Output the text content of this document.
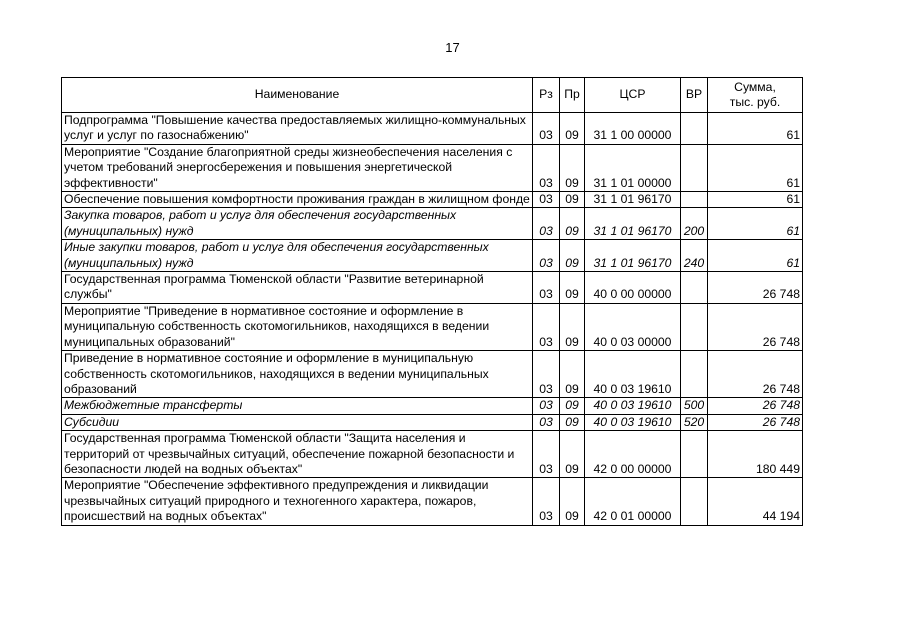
17
Наименование	Рз	Пр	ЦСР	ВР	Сумма,
тыс. руб.

Подпрограмма "Повышение качества предоставляемых жилищно-коммунальных услуг и услуг по газоснабжению"	03	09	31 1 00 00000		61
Мероприятие "Создание благоприятной среды жизнеобеспечения населения с учетом требований энергосбережения и повышения энергетической эффективности"	03	09	31 1 01 00000		61
Обеспечение повышения комфортности проживания граждан в жилищном фонде	03	09	31 1 01 96170		61
Закупка товаров, работ и услуг для обеспечения государственных (муниципальных) нужд	03	09	31 1 01 96170	200	61
Иные закупки товаров, работ и услуг для обеспечения государственных (муниципальных) нужд	03	09	31 1 01 96170	240	61
Государственная программа Тюменской области "Развитие ветеринарной службы"	03	09	40 0 00 00000		26 748
Мероприятие "Приведение в нормативное состояние и оформление в муниципальную собственность скотомогильников, находящихся в ведении муниципальных образований"	03	09	40 0 03 00000		26 748
Приведение в нормативное состояние и оформление в муниципальную собственность скотомогильников, находящихся в ведении муниципальных образований	03	09	40 0 03 19610		26 748
Межбюджетные трансферты	03	09	40 0 03 19610	500	26 748
Субсидии	03	09	40 0 03 19610	520	26 748
Государственная программа Тюменской области "Защита населения и территорий от чрезвычайных ситуаций, обеспечение пожарной безопасности и безопасности людей на водных объектах"	03	09	42 0 00 00000		180 449
Мероприятие "Обеспечение эффективного предупреждения и ликвидации чрезвычайных ситуаций природного и техногенного характера, пожаров, происшествий на водных объектах"	03	09	42 0 01 00000		44 194
